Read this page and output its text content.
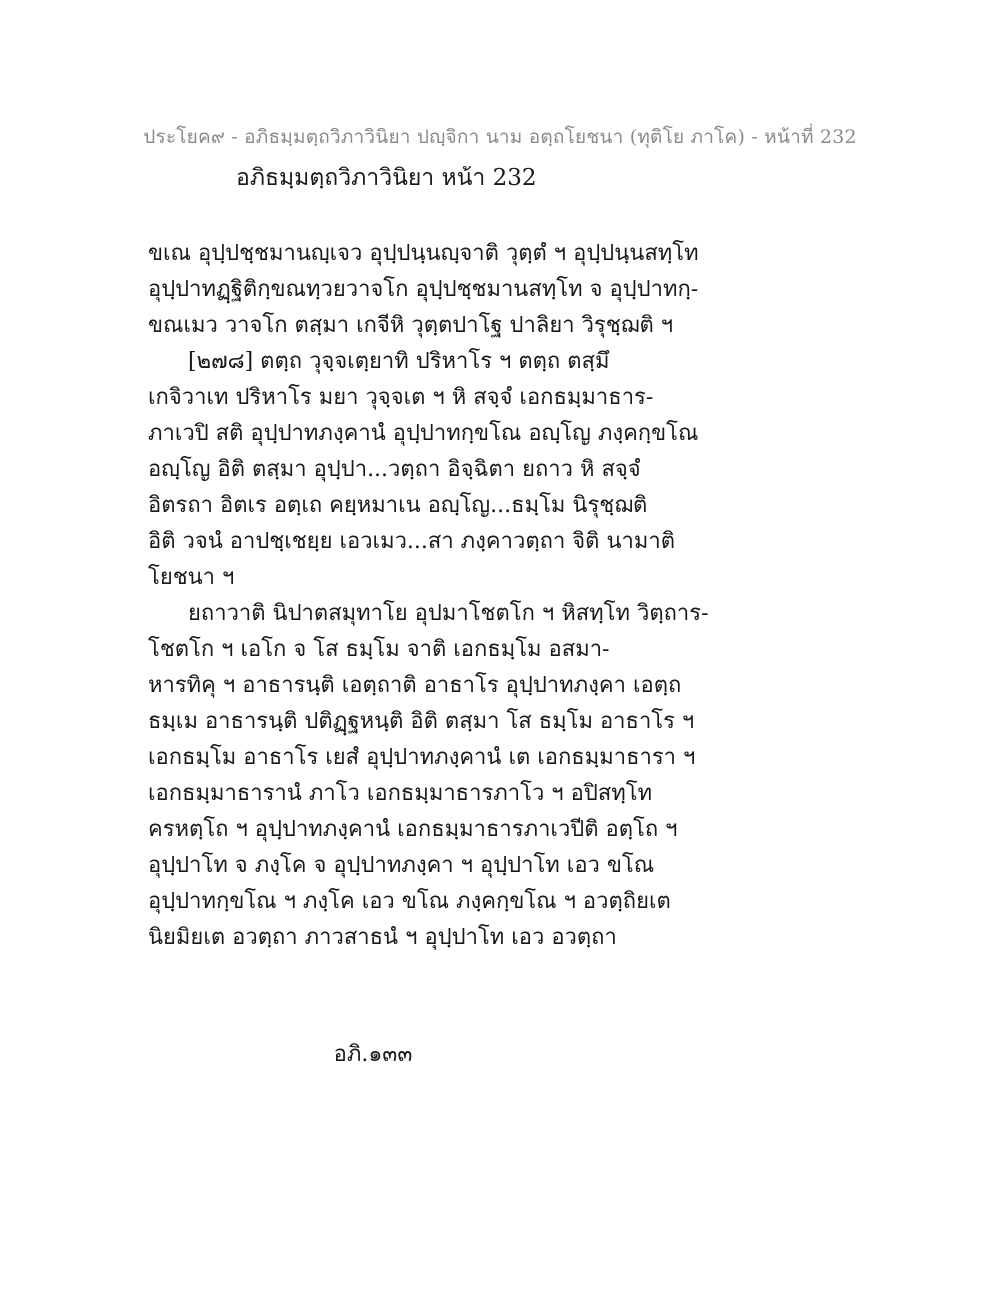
ประโยค๙ - อภิธมฺมตฺถวิภาวินิยา ปญฺจิกา นาม อตฺถโยชนา (ทุติโย ภาโค) - หน้าที่ 232
อภิธมฺมตฺถวิภาวินิยา หน้า 232
ขเณ อุปฺปชฺชมานญฺเจว อุปฺปนฺนญฺจาติ วุตฺตํ ฯ อุปฺปนฺนสทฺโท
อุปฺปาทฏฺฐิติกฺขณทฺวยวาจโก อุปฺปชฺชมานสทฺโท จ อุปฺปาทกฺ-
ขณเมว วาจโก ตสฺมา เกจีหิ วุตฺตปาโฐ ปาลิยา วิรุชฺฌติ ฯ
[๒๗๘] ตตฺถ วุจฺจเตฺยาทิ ปริหาโร ฯ ตตฺถ ตสฺมึ
เกจิวาเท ปริหาโร มยา วุจฺจเต ฯ หิ สจฺจํ เอกธมฺมาธาร-
ภาเวปิ สติ อุปฺปาทภงฺคานํ อุปฺปาทกฺขโณ อญฺโญ ภงฺคกฺขโณ
อญฺโญ อิติ ตสฺมา อุปฺปา...วตฺถา อิจฺฉิตา ยถาว หิ สจฺจํ
อิตรถา อิตเร อตฺเถ คยฺหมาเน อญฺโญ...ธมฺโม นิรุชฺฌติ
อิติ วจนํ อาปชฺเชยฺย เอวเมว...สา ภงฺคาวตฺถา จิติ นามาติ
โยชนา ฯ
ยถาวาติ นิปาตสมุทาโย อุปมาโชตโก ฯ หิสทฺโท วิตฺถาร-
โชตโก ฯ เอโก จ โส ธมฺโม จาติ เอกธมฺโม อสมา-
หารทิคุ ฯ อาธารนฺติ เอตฺถาติ อาธาโร อุปฺปาทภงฺคา เอตฺถ
ธมฺเม อาธารนฺติ ปติฏฺฐหนฺติ อิติ ตสฺมา โส ธมฺโม อาธาโร ฯ
เอกธมฺโม อาธาโร เยสํ อุปฺปาทภงฺคานํ เต เอกธมฺมาธารา ฯ
เอกธมฺมาธารานํ ภาโว เอกธมฺมาธารภาโว ฯ อปิสทฺโท
ครหตฺโถ ฯ อุปฺปาทภงฺคานํ เอกธมฺมาธารภาเวปีติ อตฺโถ ฯ
อุปฺปาโท จ ภงฺโค จ อุปฺปาทภงฺคา ฯ อุปฺปาโท เอว ขโณ
อุปฺปาทกฺขโณ ฯ ภงฺโค เอว ขโณ ภงฺคกฺขโณ ฯ อวตฺถิยเต
นิยมิยเต อวตฺถา ภาวสาธนํ ฯ อุปฺปาโท เอว อวตฺถา
อภิ.๑๓๓
